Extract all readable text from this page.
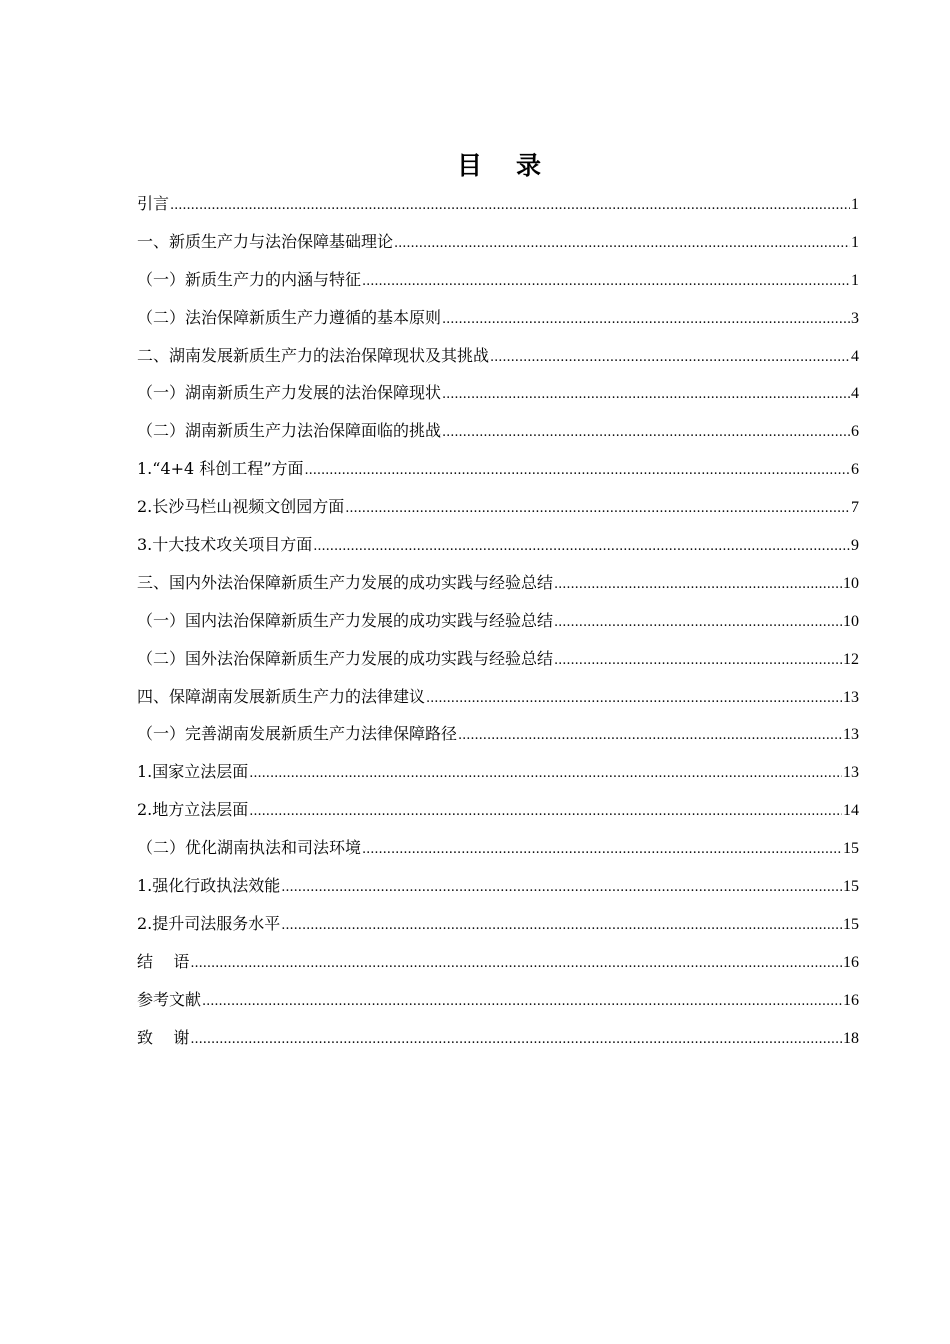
目   录
引言 .....	1
一、新质生产力与法治保障基础理论 .....	1
（一）新质生产力的内涵与特征 .....	1
（二）法治保障新质生产力遵循的基本原则 .....	3
二、湖南发展新质生产力的法治保障现状及其挑战 .....	4
（一）湖南新质生产力发展的法治保障现状 .....	4
（二）湖南新质生产力法治保障面临的挑战 .....	6
1.“4+4 科创工程”方面 .....	6
2.长沙马栏山视频文创园方面 .....	7
3.十大技术攻关项目方面 .....	9
三、国内外法治保障新质生产力发展的成功实践与经验总结 .....	10
（一）国内法治保障新质生产力发展的成功实践与经验总结 .....	10
（二）国外法治保障新质生产力发展的成功实践与经验总结 .....	12
四、保障湖南发展新质生产力的法律建议 .....	13
（一）完善湖南发展新质生产力法律保障路径 .....	13
1.国家立法层面 .....	13
2.地方立法层面 .....	14
（二）优化湖南执法和司法环境 .....	15
1.强化行政执法效能 .....	15
2.提升司法服务水平 .....	15
结    语 .....	16
参考文献 .....	16
致    谢 .....	18
